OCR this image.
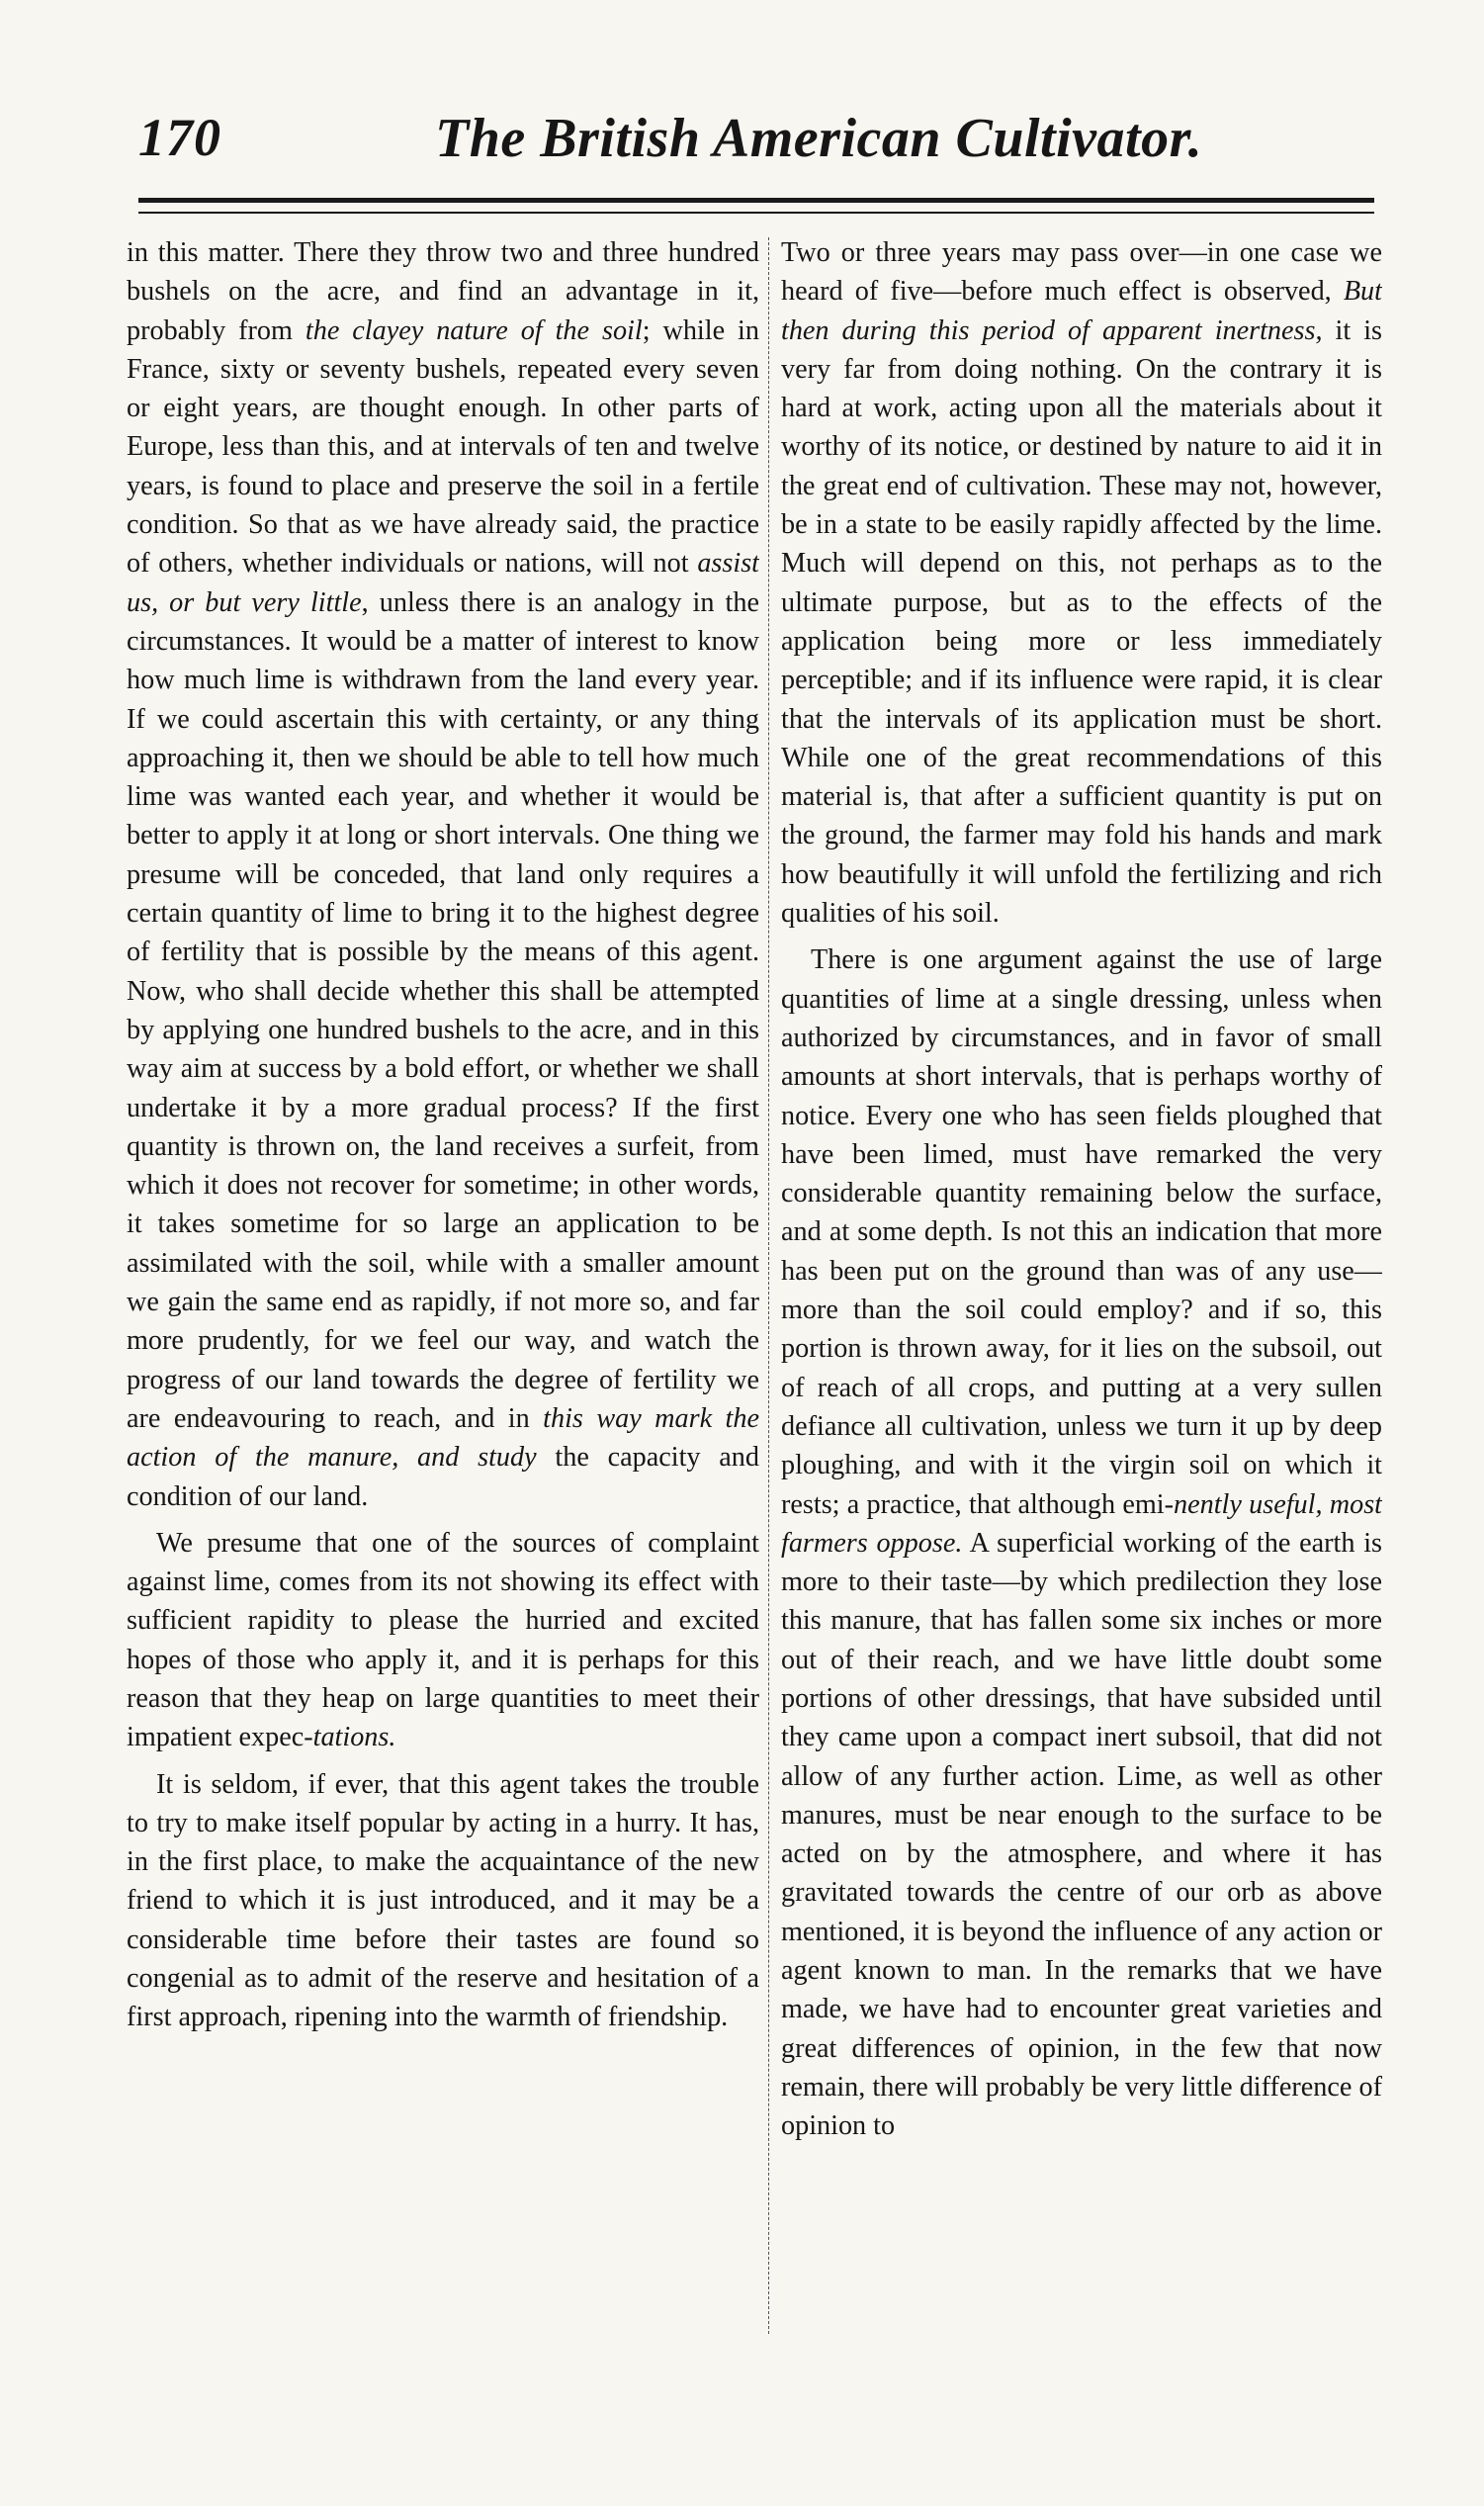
170	The British American Cultivator.

in this matter. There they throw two and three hundred bushels on the acre, and find an advantage in it, probably from the clayey nature of the soil; while in France, sixty or seventy bushels, repeated every seven or eight years, are thought enough. In other parts of Europe, less than this, and at intervals of ten and twelve years, is found to place and preserve the soil in a fertile condition. So that as we have already said, the practice of others, whether individuals or nations, will not assist us, or but very little, unless there is an analogy in the circumstances. It would be a matter of interest to know how much lime is withdrawn from the land every year. If we could ascertain this with certainty, or any thing approaching it, then we should be able to tell how much lime was wanted each year, and whether it would be better to apply it at long or short intervals. One thing we presume will be conceded, that land only requires a certain quantity of lime to bring it to the highest degree of fertility that is possible by the means of this agent. Now, who shall decide whether this shall be attempted by applying one hundred bushels to the acre, and in this way aim at success by a bold effort, or whether we shall undertake it by a more gradual process? If the first quantity is thrown on, the land receives a surfeit, from which it does not recover for sometime; in other words, it takes sometime for so large an application to be assimilated with the soil, while with a smaller amount we gain the same end as rapidly, if not more so, and far more prudently, for we feel our way, and watch the progress of our land towards the degree of fertility we are endeavouring to reach, and in this way mark the action of the manure, and study the capacity and condition of our land.

We presume that one of the sources of complaint against lime, comes from its not showing its effect with sufficient rapidity to please the hurried and excited hopes of those who apply it, and it is perhaps for this reason that they heap on large quantities to meet their impatient expec-tations.

It is seldom, if ever, that this agent takes the trouble to try to make itself popular by acting in a hurry. It has, in the first place, to make the acquaintance of the new friend to which it is just introduced, and it may be a considerable time before their tastes are found so congenial as to admit of the reserve and hesitation of a first approach, ripening into the warmth of friendship.

Two or three years may pass over—in one case we heard of five—before much effect is observed, But then during this period of apparent inertness, it is very far from doing nothing. On the contrary it is hard at work, acting upon all the materials about it worthy of its notice, or destined by nature to aid it in the great end of cultivation. These may not, however, be in a state to be easily rapidly affected by the lime. Much will depend on this, not perhaps as to the ultimate purpose, but as to the effects of the application being more or less immediately perceptible; and if its influence were rapid, it is clear that the intervals of its application must be short. While one of the great recommendations of this material is, that after a sufficient quantity is put on the ground, the farmer may fold his hands and mark how beautifully it will unfold the fertilizing and rich qualities of his soil.

There is one argument against the use of large quantities of lime at a single dressing, unless when authorized by circumstances, and in favor of small amounts at short intervals, that is perhaps worthy of notice. Every one who has seen fields ploughed that have been limed, must have remarked the very considerable quantity remaining below the surface, and at some depth. Is not this an indication that more has been put on the ground than was of any use—more than the soil could employ? and if so, this portion is thrown away, for it lies on the subsoil, out of reach of all crops, and putting at a very sullen defiance all cultivation, unless we turn it up by deep ploughing, and with it the virgin soil on which it rests; a practice, that although emi-nently useful, most farmers oppose. A superficial working of the earth is more to their taste—by which predilection they lose this manure, that has fallen some six inches or more out of their reach, and we have little doubt some portions of other dressings, that have subsided until they came upon a compact inert subsoil, that did not allow of any further action. Lime, as well as other manures, must be near enough to the surface to be acted on by the atmosphere, and where it has gravitated towards the centre of our orb as above mentioned, it is beyond the influence of any action or agent known to man. In the remarks that we have made, we have had to encounter great varieties and great differences of opinion, in the few that now remain, there will probably be very little difference of opinion to
